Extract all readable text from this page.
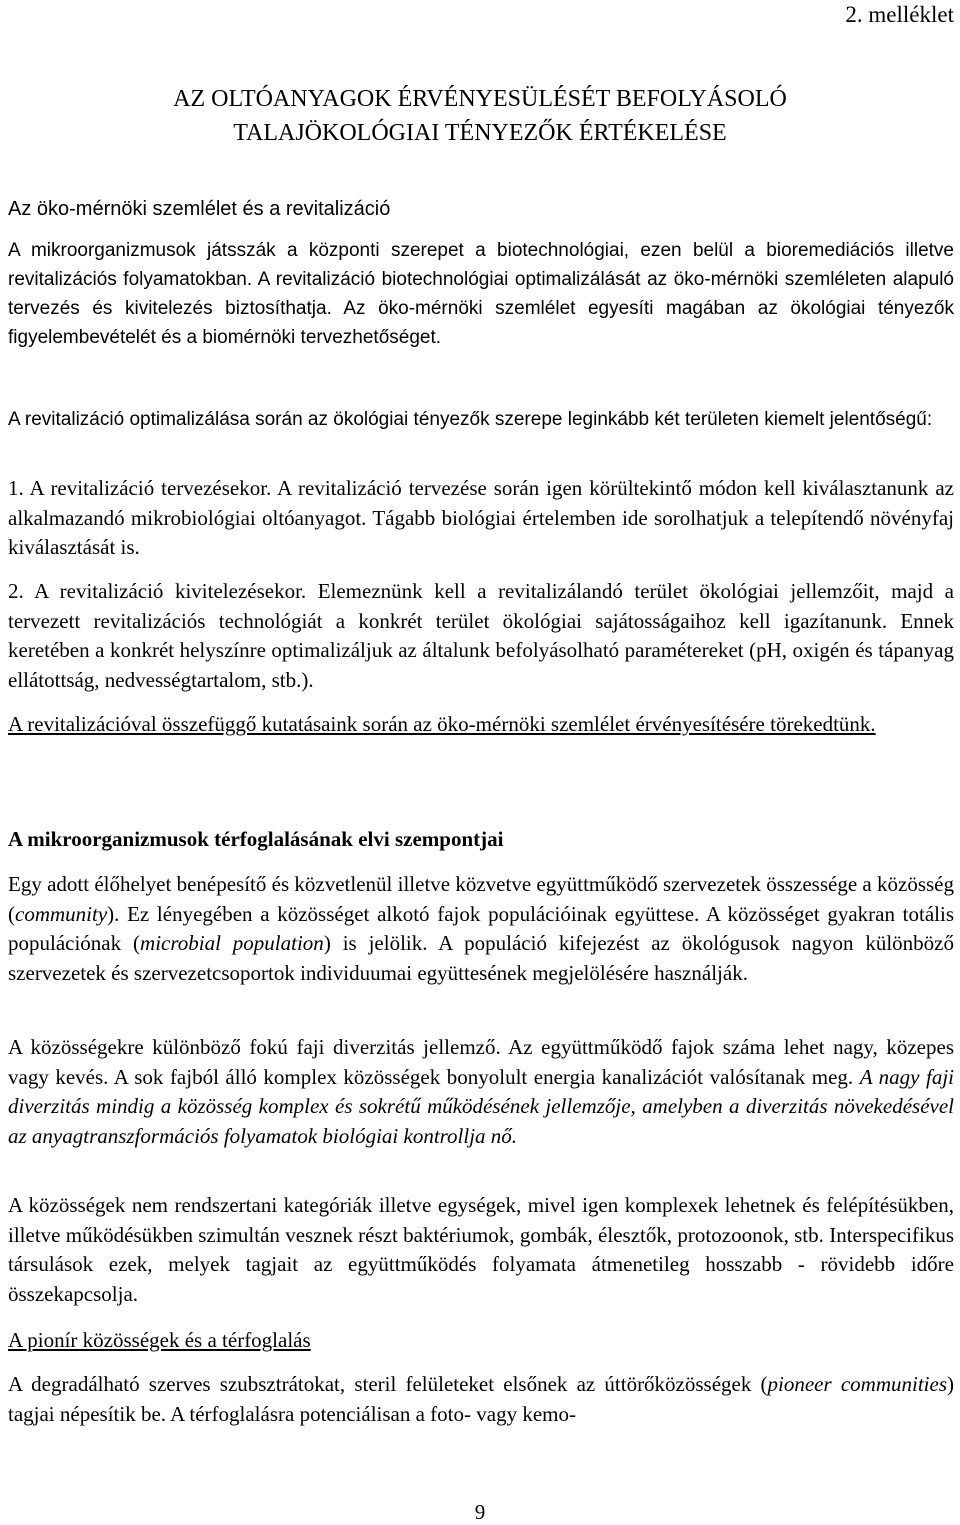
2. melléklet
AZ OLTÓANYAGOK ÉRVÉNYESÜLÉSÉT BEFOLYÁSOLÓ
TALAJÖKOLÓGIAI TÉNYEZŐK ÉRTÉKELÉSE
Az öko-mérnöki szemlélet és a revitalizáció

A mikroorganizmusok játsszák a központi szerepet a biotechnológiai, ezen belül a bioremediációs illetve revitalizációs folyamatokban. A revitalizáció biotechnológiai optimalizálását az öko-mérnöki szemléleten alapuló tervezés és kivitelezés biztosíthatja. Az öko-mérnöki szemlélet egyesíti magában az ökológiai tényezők figyelembevételét és a biomérnöki tervezhetőséget.

A revitalizáció optimalizálása során az ökológiai tényezők szerepe leginkább két területen kiemelt jelentőségű:

1. A revitalizáció tervezésekor. A revitalizáció tervezése során igen körültekintő módon kell kiválasztanunk az alkalmazandó mikrobiológiai oltóanyagot. Tágabb biológiai értelemben ide sorolhatjuk a telepítendő növényfaj kiválasztását is.

2. A revitalizáció kivitelezésekor. Elemeznünk kell a revitalizálandó terület ökológiai jellemzőit, majd a tervezett revitalizációs technológiát a konkrét terület ökológiai sajátosságaihoz kell igazítanunk. Ennek keretében a konkrét helyszínre optimalizáljuk az általunk befolyásolható paramétereket (pH, oxigén és tápanyag ellátottság, nedvességtartalom, stb.).

A revitalizációval összefüggő kutatásaink során az öko-mérnöki szemlélet érvényesítésére törekedtünk.

A mikroorganizmusok térfoglalásának elvi szempontjai

Egy adott élőhelyet benépesítő és közvetlenül illetve közvetve együttműködő szervezetek összessége a közösség (community). Ez lényegében a közösséget alkotó fajok populációinak együttese. A közösséget gyakran totális populációnak (microbial population) is jelölik. A populáció kifejezést az ökológusok nagyon különböző szervezetek és szervezetcsoportok individuumai együttesének megjelölésére használják.

A közösségekre különböző fokú faji diverzitás jellemző. Az együttműködő fajok száma lehet nagy, közepes vagy kevés. A sok fajból álló komplex közösségek bonyolult energia kanalizációt valósítanak meg. A nagy faji diverzitás mindig a közösség komplex és sokrétű működésének jellemzője, amelyben a diverzitás növekedésével az anyagtranszformációs folyamatok biológiai kontrollja nő.

A közösségek nem rendszertani kategóriák illetve egységek, mivel igen komplexek lehetnek és felépítésükben, illetve működésükben szimultán vesznek részt baktériumok, gombák, élesztők, protozoonok, stb. Interspecifikus társulások ezek, melyek tagjait az együttműködés folyamata átmenetileg hosszabb - rövidebb időre összekapcsolja.

A pionír közösségek és a térfoglalás

A degradálható szerves szubsztrátokat, steril felületeket elsőnek az úttörőközösségek (pioneer communities) tagjai népesítik be. A térfoglalásra potenciálisan a foto- vagy kemo-

9
